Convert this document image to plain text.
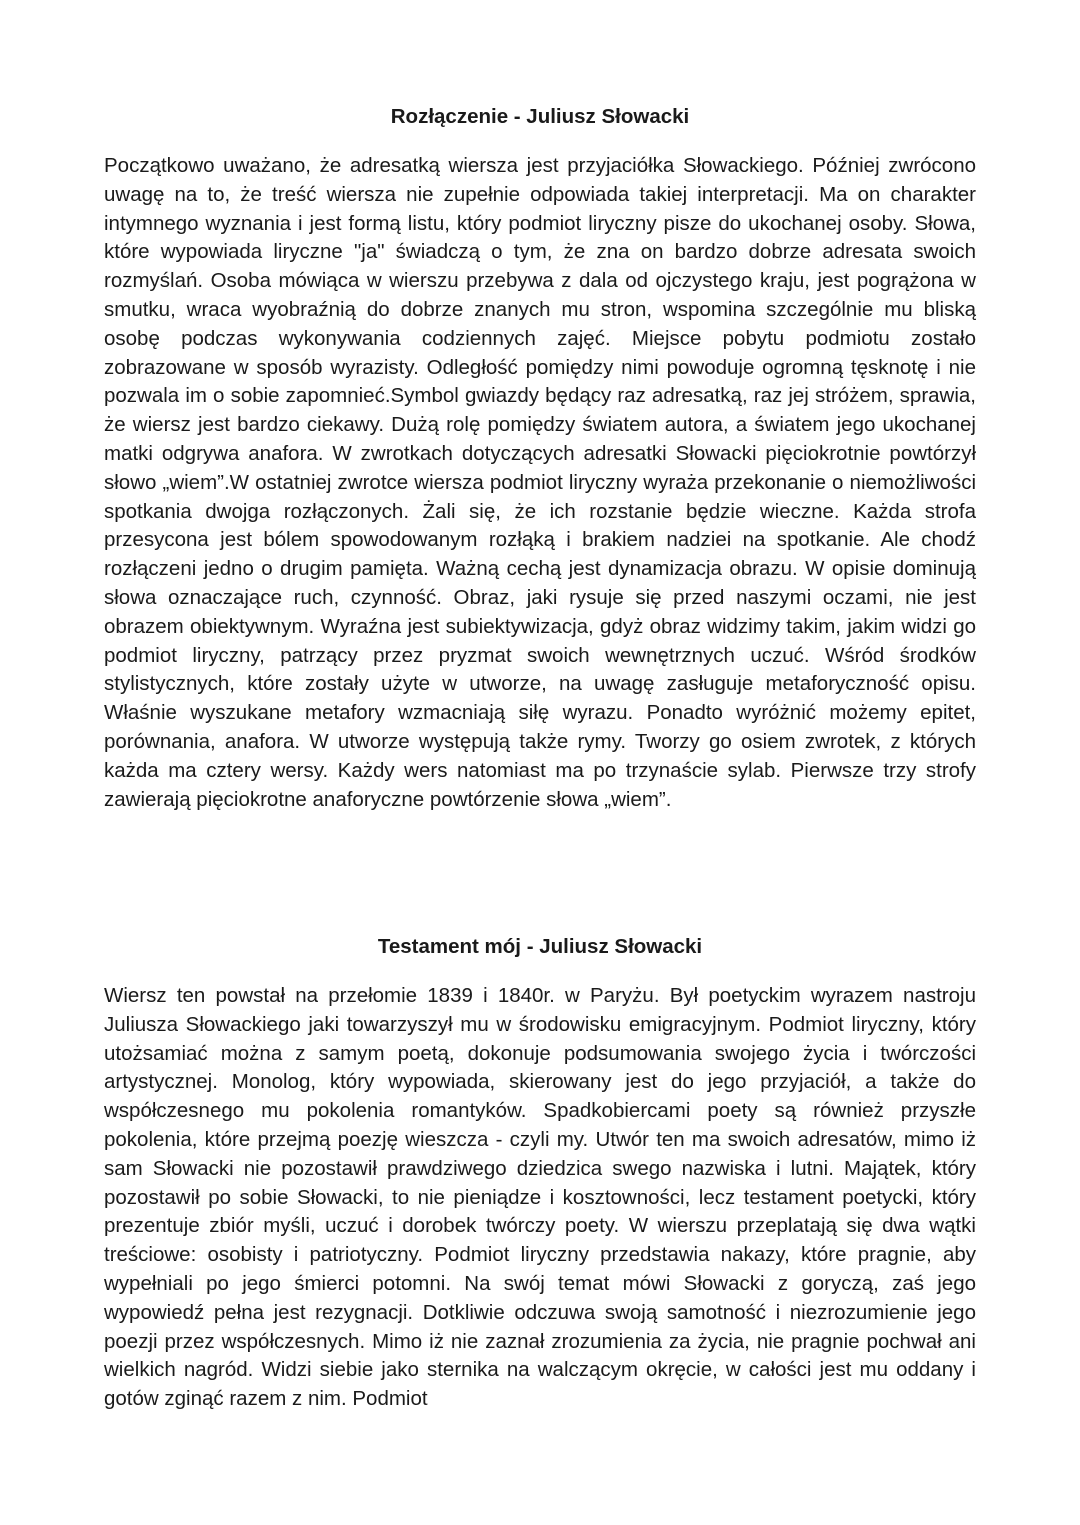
Rozłączenie - Juliusz Słowacki

Początkowo uważano, że adresatką wiersza jest przyjaciółka Słowackiego. Później zwrócono uwagę na to, że treść wiersza nie zupełnie odpowiada takiej interpretacji. Ma on charakter intymnego wyznania i jest formą listu, który podmiot liryczny pisze do ukochanej osoby. Słowa, które wypowiada liryczne "ja" świadczą o tym, że zna on bardzo dobrze adresata swoich rozmyślań. Osoba mówiąca w wierszu przebywa z dala od ojczystego kraju, jest pogrążona w smutku, wraca wyobraźnią do dobrze znanych mu stron, wspomina szczególnie mu bliską osobę podczas wykonywania codziennych zajęć. Miejsce pobytu podmiotu zostało zobrazowane w sposób wyrazisty. Odległość pomiędzy nimi powoduje ogromną tęsknotę i nie pozwala im o sobie zapomnieć.Symbol gwiazdy będący raz adresatką, raz jej stróżem, sprawia, że wiersz jest bardzo ciekawy. Dużą rolę pomiędzy światem autora, a światem jego ukochanej matki odgrywa anafora. W zwrotkach dotyczących adresatki Słowacki pięciokrotnie powtórzył słowo „wiem”.W ostatniej zwrotce wiersza podmiot liryczny wyraża przekonanie o niemożliwości spotkania dwojga rozłączonych. Żali się, że ich rozstanie będzie wieczne. Każda strofa przesycona jest bólem spowodowanym rozłąką i brakiem nadziei na spotkanie. Ale chodź rozłączeni jedno o drugim pamięta. Ważną cechą jest dynamizacja obrazu. W opisie dominują słowa oznaczające ruch, czynność. Obraz, jaki rysuje się przed naszymi oczami, nie jest obrazem obiektywnym. Wyraźna jest subiektywizacja, gdyż obraz widzimy takim, jakim widzi go podmiot liryczny, patrzący przez pryzmat swoich wewnętrznych uczuć. Wśród środków stylistycznych, które zostały użyte w utworze, na uwagę zasługuje metaforyczność opisu. Właśnie wyszukane metafory wzmacniają siłę wyrazu. Ponadto wyróżnić możemy epitet, porównania, anafora. W utworze występują także rymy. Tworzy go osiem zwrotek, z których każda ma cztery wersy. Każdy wers natomiast ma po trzynaście sylab. Pierwsze trzy strofy zawierają pięciokrotne anaforyczne powtórzenie słowa „wiem”.

Testament mój - Juliusz Słowacki

Wiersz ten powstał na przełomie 1839 i 1840r. w Paryżu. Był poetyckim wyrazem nastroju Juliusza Słowackiego jaki towarzyszył mu w środowisku emigracyjnym. Podmiot liryczny, który utożsamiać można z samym poetą, dokonuje podsumowania swojego życia i twórczości artystycznej. Monolog, który wypowiada, skierowany jest do jego przyjaciół, a także do współczesnego mu pokolenia romantyków. Spadkobiercami poety są również przyszłe pokolenia, które przejmą poezję wieszcza - czyli my. Utwór ten ma swoich adresatów, mimo iż sam Słowacki nie pozostawił prawdziwego dziedzica swego nazwiska i lutni. Majątek, który pozostawił po sobie Słowacki, to nie pieniądze i kosztowności, lecz testament poetycki, który prezentuje zbiór myśli, uczuć i dorobek twórczy poety. W wierszu przeplatają się dwa wątki treściowe: osobisty i patriotyczny. Podmiot liryczny przedstawia nakazy, które pragnie, aby wypełniali po jego śmierci potomni. Na swój temat mówi Słowacki z goryczą, zaś jego wypowiedź pełna jest rezygnacji. Dotkliwie odczuwa swoją samotność i niezrozumienie jego poezji przez współczesnych. Mimo iż nie zaznał zrozumienia za życia, nie pragnie pochwał ani wielkich nagród. Widzi siebie jako sternika na walczącym okręcie, w całości jest mu oddany i gotów zginąć razem z nim. Podmiot
